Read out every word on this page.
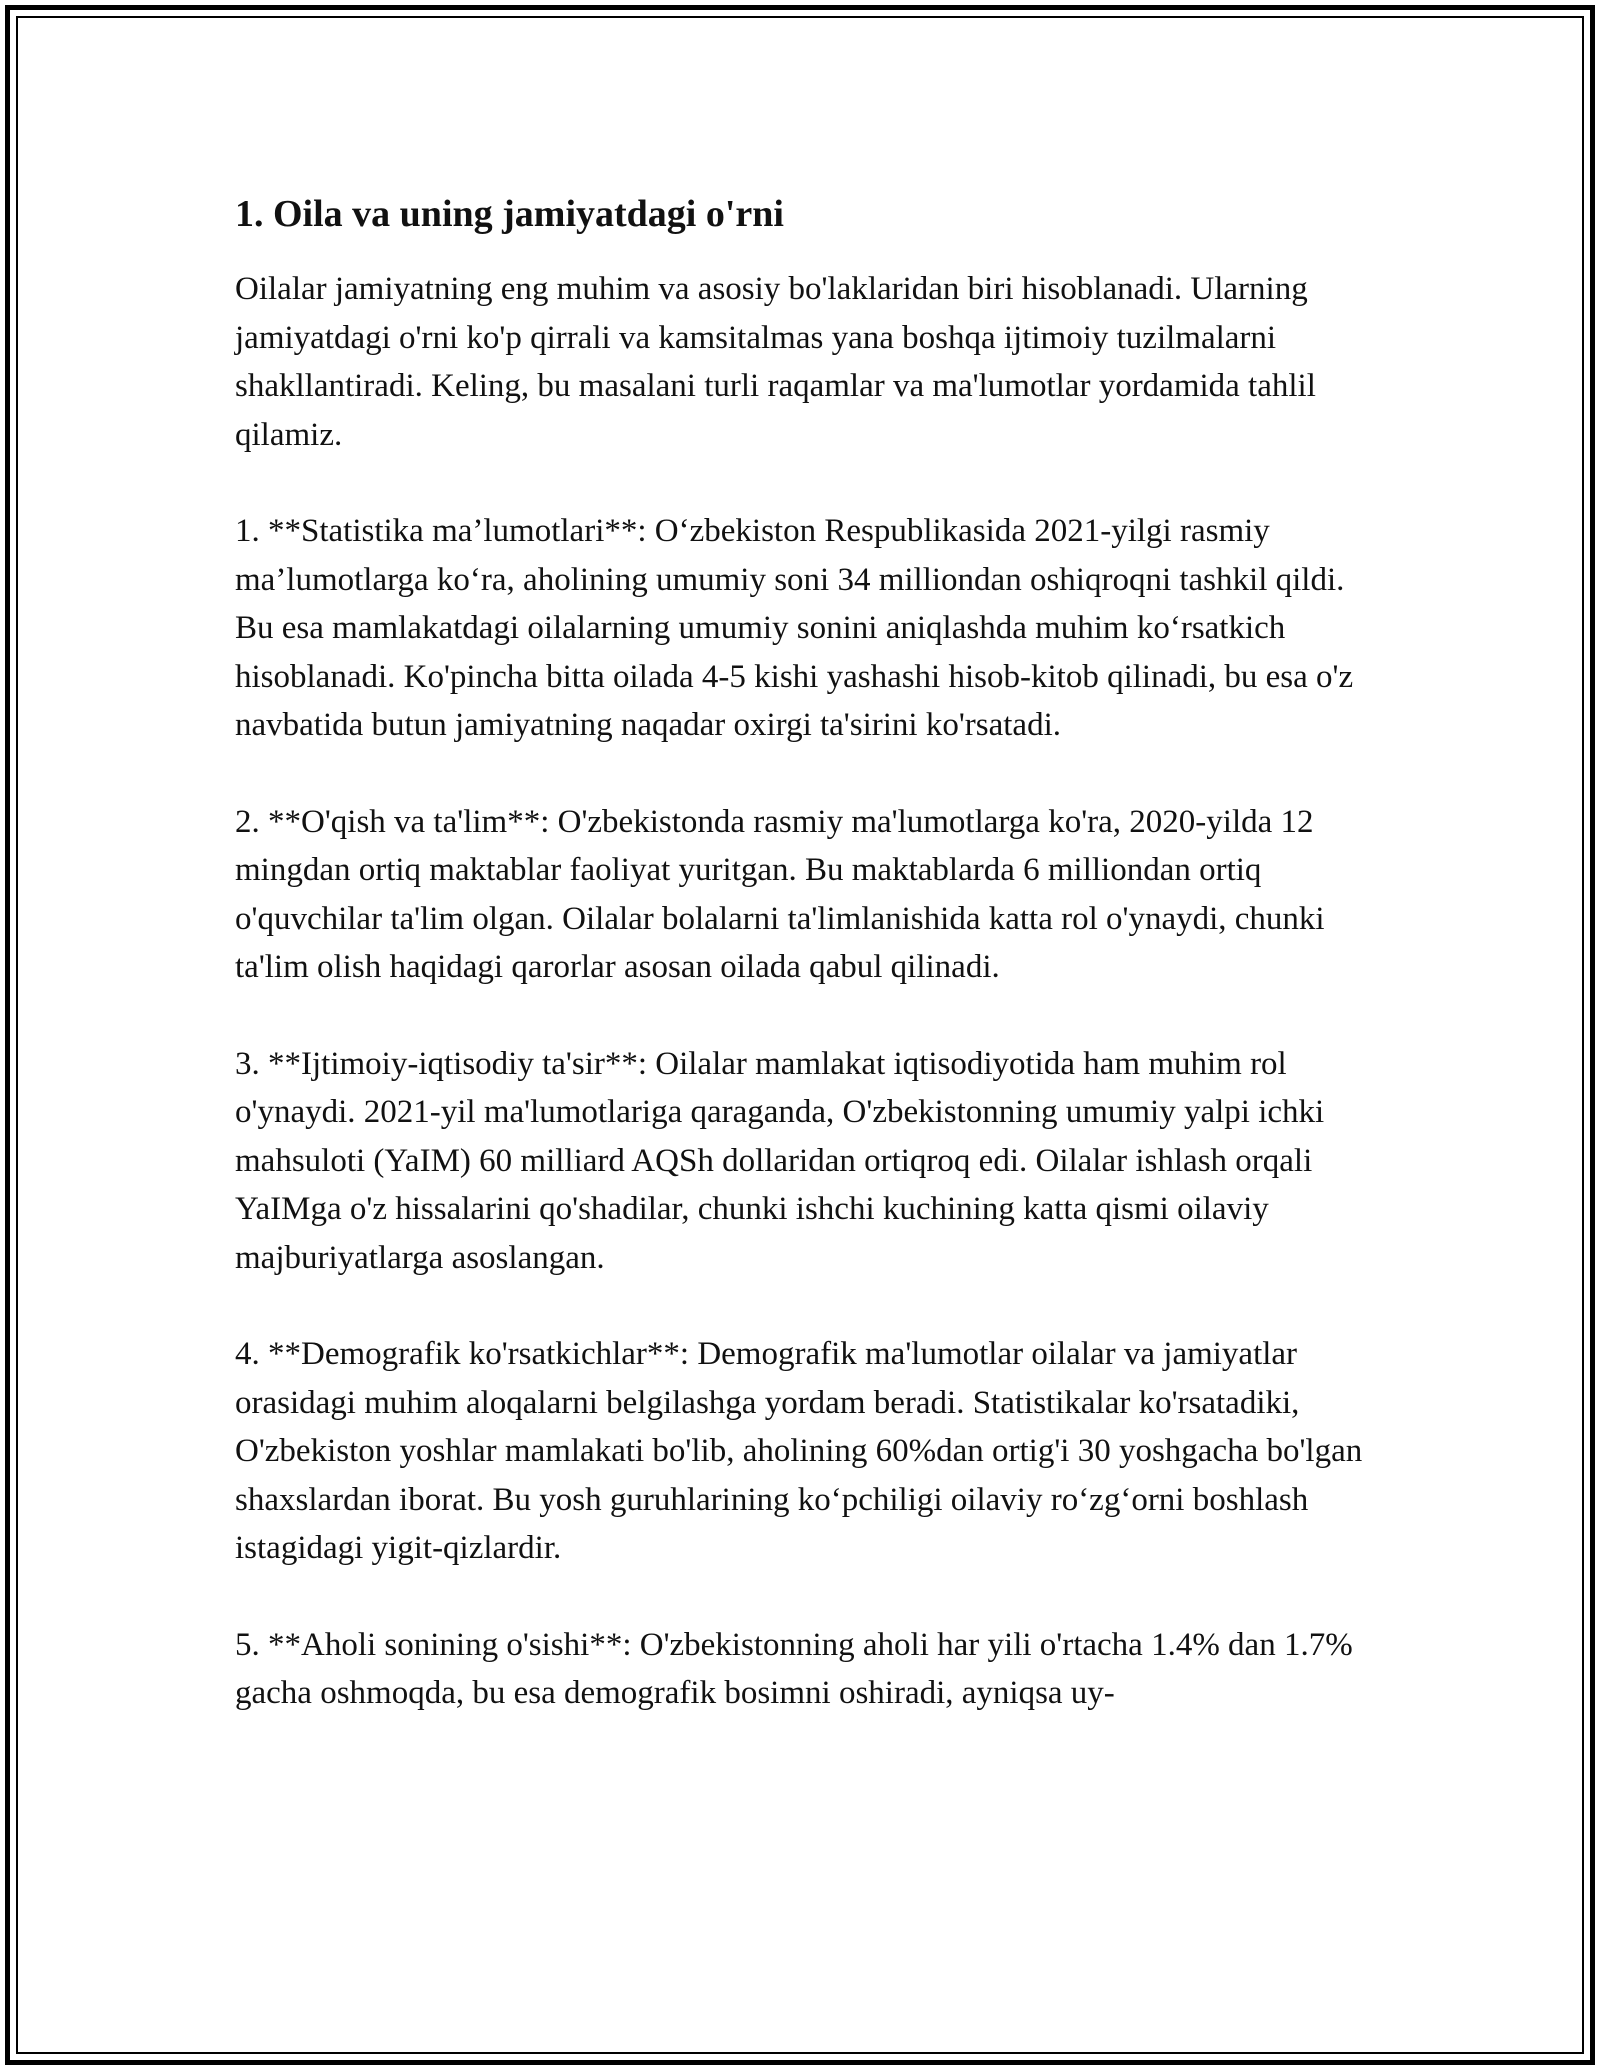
1. Oila va uning jamiyatdagi o'rni

Oilalar jamiyatning eng muhim va asosiy bo'laklaridan biri hisoblanadi. Ularning jamiyatdagi o'rni ko'p qirrali va kamsitalmas yana boshqa ijtimoiy tuzilmalarni shakllantiradi. Keling, bu masalani turli raqamlar va ma'lumotlar yordamida tahlil qilamiz.

1. **Statistika ma’lumotlari**: O‘zbekiston Respublikasida 2021-yilgi rasmiy ma’lumotlarga ko‘ra, aholining umumiy soni 34 milliondan oshiqroqni tashkil qildi. Bu esa mamlakatdagi oilalarning umumiy sonini aniqlashda muhim ko‘rsatkich hisoblanadi. Ko'pincha bitta oilada 4-5 kishi yashashi hisob-kitob qilinadi, bu esa o'z navbatida butun jamiyatning naqadar oxirgi ta'sirini ko'rsatadi.

2. **O'qish va ta'lim**: O'zbekistonda rasmiy ma'lumotlarga ko'ra, 2020-yilda 12 mingdan ortiq maktablar faoliyat yuritgan. Bu maktablarda 6 milliondan ortiq o'quvchilar ta'lim olgan. Oilalar bolalarni ta'limlanishida katta rol o'ynaydi, chunki ta'lim olish haqidagi qarorlar asosan oilada qabul qilinadi.

3. **Ijtimoiy-iqtisodiy ta'sir**: Oilalar mamlakat iqtisodiyotida ham muhim rol o'ynaydi. 2021-yil ma'lumotlariga qaraganda, O'zbekistonning umumiy yalpi ichki mahsuloti (YaIM) 60 milliard AQSh dollaridan ortiqroq edi. Oilalar ishlash orqali YaIMga o'z hissalarini qo'shadilar, chunki ishchi kuchining katta qismi oilaviy majburiyatlarga asoslangan.

4. **Demografik ko'rsatkichlar**: Demografik ma'lumotlar oilalar va jamiyatlar orasidagi muhim aloqalarni belgilashga yordam beradi. Statistikalar ko'rsatadiki, O'zbekiston yoshlar mamlakati bo'lib, aholining 60%dan ortig'i 30 yoshgacha bo'lgan shaxslardan iborat. Bu yosh guruhlarining ko‘pchiligi oilaviy ro‘zg‘orni boshlash istagidagi yigit-qizlardir.

5. **Aholi sonining o'sishi**: O'zbekistonning aholi har yili o'rtacha 1.4% dan 1.7% gacha oshmoqda, bu esa demografik bosimni oshiradi, ayniqsa uy-
